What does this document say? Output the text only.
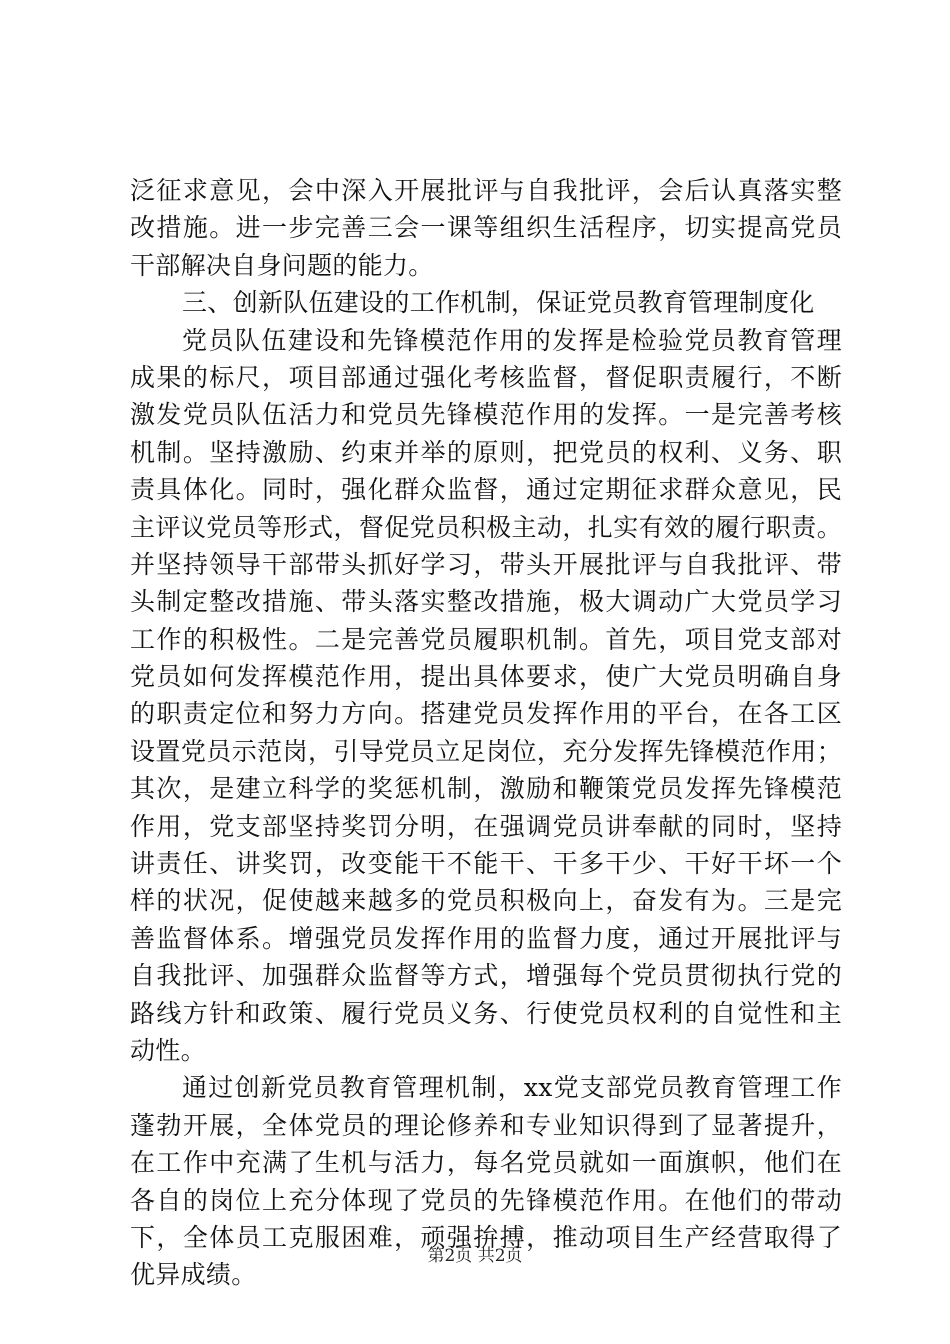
泛征求意见，会中深入开展批评与自我批评，会后认真落实整
改措施。进一步完善三会一课等组织生活程序，切实提高党员
干部解决自身问题的能力。
三、创新队伍建设的工作机制，保证党员教育管理制度化
党员队伍建设和先锋模范作用的发挥是检验党员教育管理
成果的标尺，项目部通过强化考核监督，督促职责履行，不断
激发党员队伍活力和党员先锋模范作用的发挥。一是完善考核
机制。坚持激励、约束并举的原则，把党员的权利、义务、职
责具体化。同时，强化群众监督，通过定期征求群众意见，民
主评议党员等形式，督促党员积极主动，扎实有效的履行职责。
并坚持领导干部带头抓好学习，带头开展批评与自我批评、带
头制定整改措施、带头落实整改措施，极大调动广大党员学习
工作的积极性。二是完善党员履职机制。首先，项目党支部对
党员如何发挥模范作用，提出具体要求，使广大党员明确自身
的职责定位和努力方向。搭建党员发挥作用的平台，在各工区
设置党员示范岗，引导党员立足岗位，充分发挥先锋模范作用；
其次，是建立科学的奖惩机制，激励和鞭策党员发挥先锋模范
作用，党支部坚持奖罚分明，在强调党员讲奉献的同时，坚持
讲责任、讲奖罚，改变能干不能干、干多干少、干好干坏一个
样的状况，促使越来越多的党员积极向上，奋发有为。三是完
善监督体系。增强党员发挥作用的监督力度，通过开展批评与
自我批评、加强群众监督等方式，增强每个党员贯彻执行党的
路线方针和政策、履行党员义务、行使党员权利的自觉性和主
动性。
通过创新党员教育管理机制，xx党支部党员教育管理工作
蓬勃开展，全体党员的理论修养和专业知识得到了显著提升，
在工作中充满了生机与活力，每名党员就如一面旗帜，他们在
各自的岗位上充分体现了党员的先锋模范作用。在他们的带动
下，全体员工克服困难，顽强拚搏，推动项目生产经营取得了
优异成绩。
第2页 共2页
